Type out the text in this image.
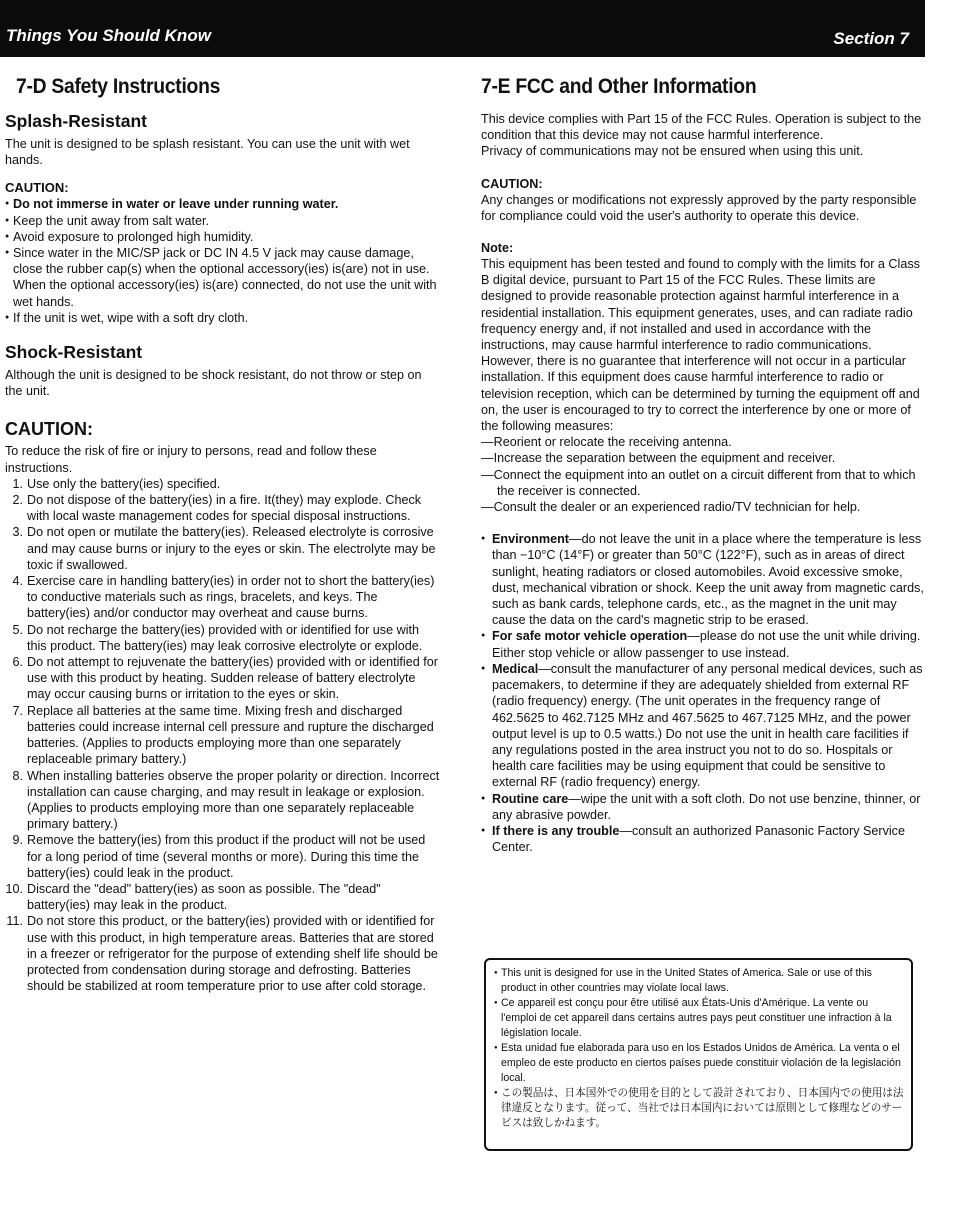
Things You Should Know	Section 7
7-D Safety Instructions
Splash-Resistant

The unit is designed to be splash resistant. You can use the unit with wet hands.

CAUTION:
● Do not immerse in water or leave under running water.
● Keep the unit away from salt water.
● Avoid exposure to prolonged high humidity.
● Since water in the MIC/SP jack or DC IN 4.5 V jack may cause damage, close the rubber cap(s) when the optional accessory(ies) is(are) not in use. When the optional accessory(ies) is(are) connected, do not use the unit with wet hands.
● If the unit is wet, wipe with a soft dry cloth.
Shock-Resistant

Although the unit is designed to be shock resistant, do not throw or step on the unit.

CAUTION:

To reduce the risk of fire or injury to persons, read and follow these instructions.

1. Use only the battery(ies) specified.
2. Do not dispose of the battery(ies) in a fire. It(they) may explode. Check with local waste management codes for special disposal instructions.
3. Do not open or mutilate the battery(ies). Released electrolyte is corrosive and may cause burns or injury to the eyes or skin. The electrolyte may be toxic if swallowed.
4. Exercise care in handling battery(ies) in order not to short the battery(ies) to conductive materials such as rings, bracelets, and keys. The battery(ies) and/or conductor may overheat and cause burns.
5. Do not recharge the battery(ies) provided with or identified for use with this product. The battery(ies) may leak corrosive electrolyte or explode.
6. Do not attempt to rejuvenate the battery(ies) provided with or identified for use with this product by heating. Sudden release of battery electrolyte may occur causing burns or irritation to the eyes or skin.
7. Replace all batteries at the same time. Mixing fresh and discharged batteries could increase internal cell pressure and rupture the discharged batteries. (Applies to products employing more than one separately replaceable primary battery.)
8. When installing batteries observe the proper polarity or direction. Incorrect installation can cause charging, and may result in leakage or explosion. (Applies to products employing more than one separately replaceable primary battery.)
9. Remove the battery(ies) from this product if the product will not be used for a long period of time (several months or more). During this time the battery(ies) could leak in the product.
10. Discard the "dead" battery(ies) as soon as possible. The "dead" battery(ies) may leak in the product.
11. Do not store this product, or the battery(ies) provided with or identified for use with this product, in high temperature areas. Batteries that are stored in a freezer or refrigerator for the purpose of extending shelf life should be protected from condensation during storage and defrosting. Batteries should be stabilized at room temperature prior to use after cold storage.
7-E FCC and Other Information

This device complies with Part 15 of the FCC Rules. Operation is subject to the condition that this device may not cause harmful interference.

Privacy of communications may not be ensured when using this unit.

CAUTION:

Any changes or modifications not expressly approved by the party responsible for compliance could void the user's authority to operate this device.

Note:

This equipment has been tested and found to comply with the limits for a Class B digital device, pursuant to Part 15 of the FCC Rules. These limits are designed to provide reasonable protection against harmful interference in a residential installation. This equipment generates, uses, and can radiate radio frequency energy and, if not installed and used in accordance with the instructions, may cause harmful interference to radio communications. However, there is no guarantee that interference will not occur in a particular installation. If this equipment does cause harmful interference to radio or television reception, which can be determined by turning the equipment off and on, the user is encouraged to try to correct the interference by one or more of the following measures:

—Reorient or relocate the receiving antenna.
—Increase the separation between the equipment and receiver.
—Connect the equipment into an outlet on a circuit different from that to which the receiver is connected.
—Consult the dealer or an experienced radio/TV technician for help.
● Environment—do not leave the unit in a place where the temperature is less than −10°C (14°F) or greater than 50°C (122°F), such as in areas of direct sunlight, heating radiators or closed automobiles. Avoid excessive smoke, dust, mechanical vibration or shock. Keep the unit away from magnetic cards, such as bank cards, telephone cards, etc., as the magnet in the unit may cause the data on the card's magnetic strip to be erased.
● For safe motor vehicle operation—please do not use the unit while driving. Either stop vehicle or allow passenger to use instead.
● Medical—consult the manufacturer of any personal medical devices, such as pacemakers, to determine if they are adequately shielded from external RF (radio frequency) energy. (The unit operates in the frequency range of 462.5625 to 462.7125 MHz and 467.5625 to 467.7125 MHz, and the power output level is up to 0.5 watts.) Do not use the unit in health care facilities if any regulations posted in the area instruct you not to do so. Hospitals or health care facilities may be using equipment that could be sensitive to external RF (radio frequency) energy.
● Routine care—wipe the unit with a soft cloth. Do not use benzine, thinner, or any abrasive powder.
● If there is any trouble—consult an authorized Panasonic Factory Service Center.
● This unit is designed for use in the United States of America. Sale or use of this product in other countries may violate local laws.
● Ce appareil est conçu pour être utilisé aux États-Unis d'Amérique. La vente ou l'emploi de cet appareil dans certains autres pays peut constituer une infraction à la législation locale.
● Esta unidad fue elaborada para uso en los Estados Unidos de América. La venta o el empleo de este producto en ciertos países puede constituir violación de la legislación local.
● この製品は、日本国外での使用を目的として設計されており、日本国内での使用は法律違反となります。従って、当社では日本国内においては原則として修理などのサービスは致しかねます。
